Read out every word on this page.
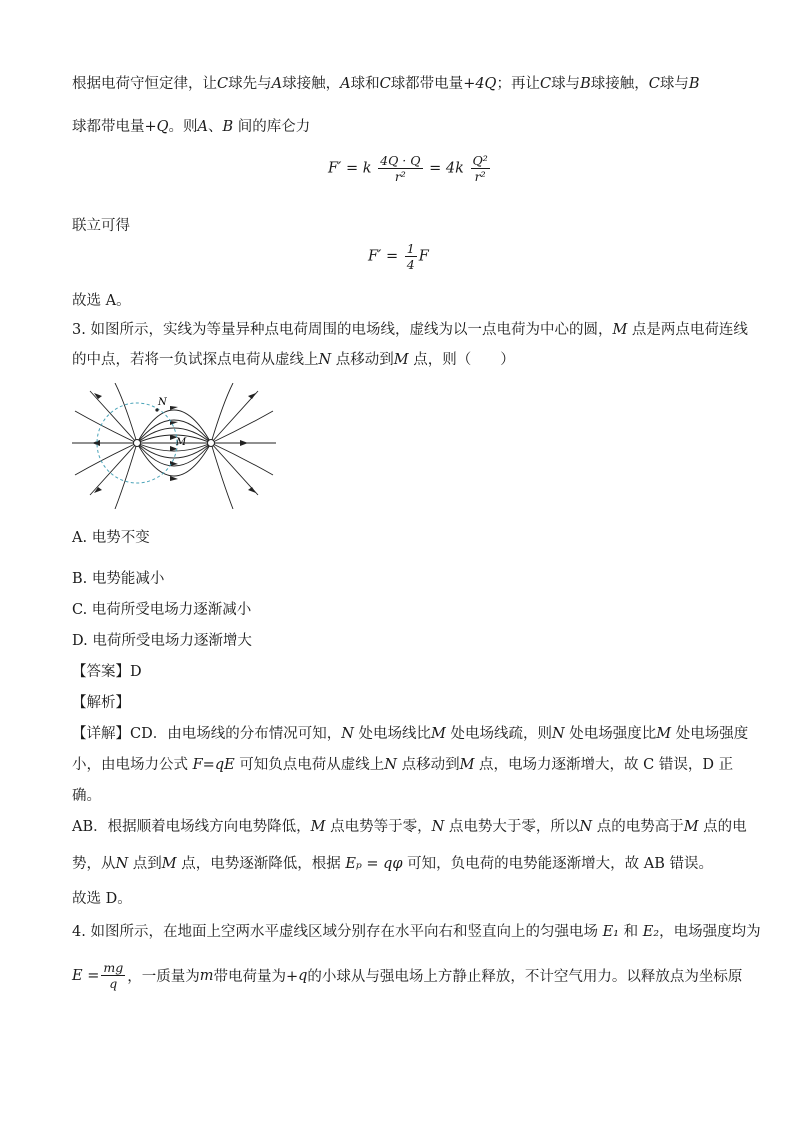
根据电荷守恒定律，让C球先与A球接触，A球和C球都带电量+4Q；再让C球与B球接触，C球与B
球都带电量+Q。则A、B 间的库仑力
F′ = k $\frac{4Q \cdot Q}{\text{r²}} = 4k \frac{\text{Q²}}{\text{r²}}$
联立可得
$F' = \frac{1}{4}$ F
故选 A。
3. 如图所示，实线为等量异种点电荷周围的电场线，虚线为以一点电荷为中心的圆，M 点是两点电荷连线
的中点，若将一负试探点电荷从虚线上N 点移动到M 点，则（　　）
N
M
A. 电势不变
B. 电势能减小
C. 电荷所受电场力逐渐减小
D. 电荷所受电场力逐渐增大
【答案】D
【解析】
【详解】CD．由电场线的分布情况可知，N 处电场线比M 处电场线疏，则N 处电场强度比M 处电场强度
小，由电场力公式 F=qE 可知负点电荷从虚线上N 点移动到M 点，电场力逐渐增大，故 C 错误，D 正
确。
AB．根据顺着电场线方向电势降低，M 点电势等于零，N 点电势大于零，所以N 点的电势高于M 点的电
势，从N 点到M 点，电势逐渐降低，根据 Eₚ = qφ 可知，负电荷的电势能逐渐增大，故 AB 错误。
故选 D。
4. 如图所示，在地面上空两水平虚线区域分别存在水平向右和竖直向上的匀强电场 E₁ 和 E₂，电场强度均为
$E = \frac{mg}{q}$ ，一质量为 m 带电荷量为+ q 的小球从与强电场上方静止释放，不计空气用力。以释放点为坐标原
